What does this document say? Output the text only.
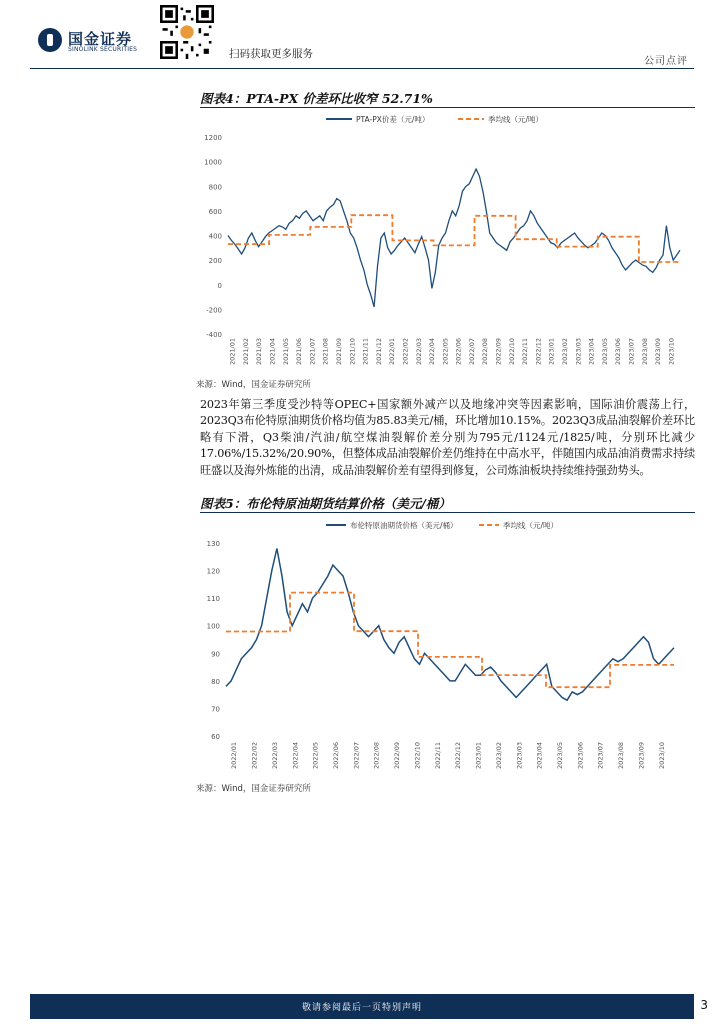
国金证券
SINOLINK SECURITIES	扫码获取更多服务
公司点评
图表4：PTA-PX 价差环比收窄 52.71%
PTA-PX价差（元/吨）	季均线（元/吨）
1200
1000
800
600
400
200
0
-200
-400
2021/01 2021/02 2021/03 2021/04 2021/05 2021/06 2021/07 2021/08 2021/09 2021/10 2021/11 2021/12 2022/01 2022/02 2022/03 2022/04 2022/05 2022/06 2022/07 2022/08 2022/09 2022/10 2022/11 2022/12 2023/01 2023/02 2023/03 2023/04 2023/05 2023/06 2023/07 2023/08 2023/09 2023/10
来源：Wind，国金证券研究所
2023年第三季度受沙特等OPEC+国家额外减产以及地缘冲突等因素影响，国际油价震荡上行，2023Q3布伦特原油期货价格均值为85.83美元/桶，环比增加10.15%。2023Q3成品油裂解价差环比略有下滑，Q3柴油/汽油/航空煤油裂解价差分别为795元/1124元/1825/吨，分别环比减少17.06%/15.32%/20.90%，但整体成品油裂解价差仍维持在中高水平，伴随国内成品油消费需求持续旺盛以及海外炼能的出清，成品油裂解价差有望得到修复，公司炼油板块持续维持强劲势头。
图表5：布伦特原油期货结算价格（美元/桶）
布伦特原油期货价格（美元/桶）	季均线（元/吨）
130
120
110
100
90
80
70
60
2022/01 2022/02 2022/03 2022/04 2022/05 2022/06 2022/07 2022/08 2022/09 2022/10 2022/11 2022/12 2023/01 2023/02 2023/03 2023/04 2023/05 2023/06 2023/07 2023/08 2023/09 2023/10
来源：Wind，国金证券研究所
敬请参阅最后一页特别声明	3
